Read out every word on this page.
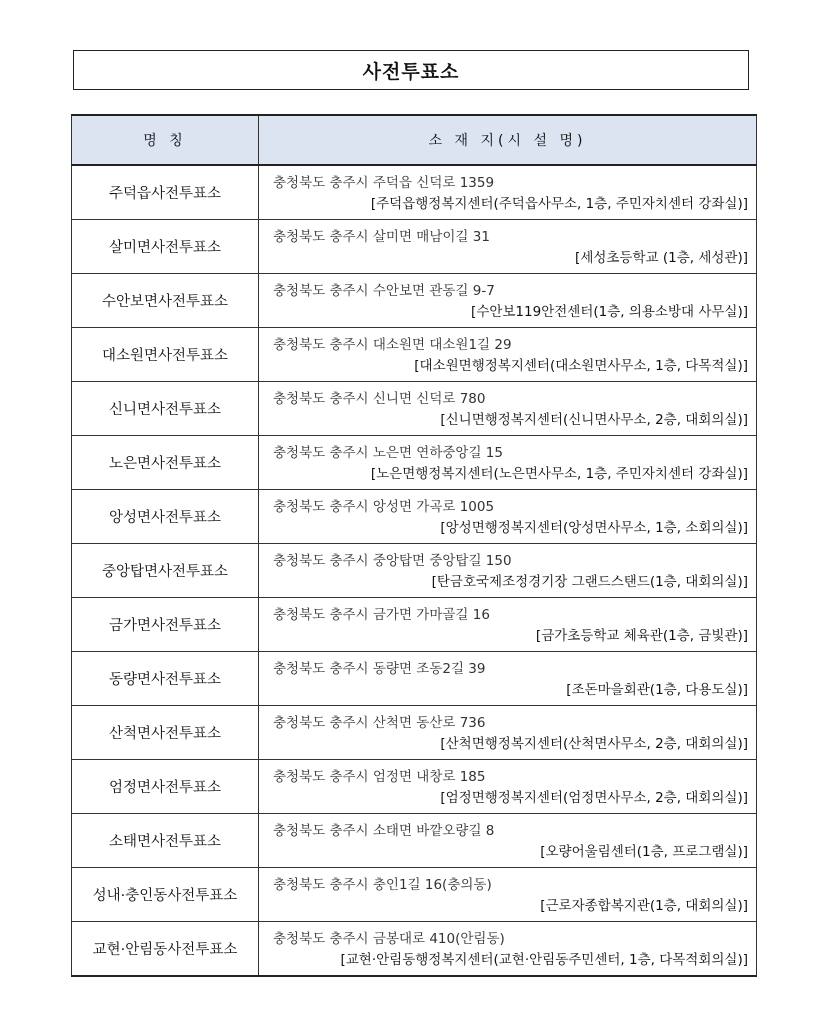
사전투표소
명 칭	소 재 지(시 설 명)
주덕읍사전투표소	충청북도 충주시 주덕읍 신덕로 1359
[주덕읍행정복지센터(주덕읍사무소, 1층, 주민자치센터 강좌실)]

살미면사전투표소	충청북도 충주시 살미면 매남이길 31
[세성초등학교 (1층, 세성관)]

수안보면사전투표소	충청북도 충주시 수안보면 관동길 9-7
[수안보119안전센터(1층, 의용소방대 사무실)]

대소원면사전투표소	충청북도 충주시 대소원면 대소원1길 29
[대소원면행정복지센터(대소원면사무소, 1층, 다목적실)]

신니면사전투표소	충청북도 충주시 신니면 신덕로 780
[신니면행정복지센터(신니면사무소, 2층, 대회의실)]

노은면사전투표소	충청북도 충주시 노은면 연하중앙길 15
[노은면행정복지센터(노은면사무소, 1층, 주민자치센터 강좌실)]

앙성면사전투표소	충청북도 충주시 앙성면 가곡로 1005
[앙성면행정복지센터(앙성면사무소, 1층, 소회의실)]

중앙탑면사전투표소	충청북도 충주시 중앙탑면 중앙탑길 150
[탄금호국제조정경기장 그랜드스탠드(1층, 대회의실)]

금가면사전투표소	충청북도 충주시 금가면 가마골길 16
[금가초등학교 체육관(1층, 금빛관)]

동량면사전투표소	충청북도 충주시 동량면 조동2길 39
[조돈마을회관(1층, 다용도실)]

산척면사전투표소	충청북도 충주시 산척면 동산로 736
[산척면행정복지센터(산척면사무소, 2층, 대회의실)]

엄정면사전투표소	충청북도 충주시 엄정면 내창로 185
[엄정면행정복지센터(엄정면사무소, 2층, 대회의실)]

소태면사전투표소	충청북도 충주시 소태면 바깥오량길 8
[오량어울림센터(1층, 프로그램실)]

성내·충인동사전투표소	충청북도 충주시 충인1길 16(충의동)
[근로자종합복지관(1층, 대회의실)]

교현·안림동사전투표소	충청북도 충주시 금봉대로 410(안림동)
[교현·안림동행정복지센터(교현·안림동주민센터, 1층, 다목적회의실)]
